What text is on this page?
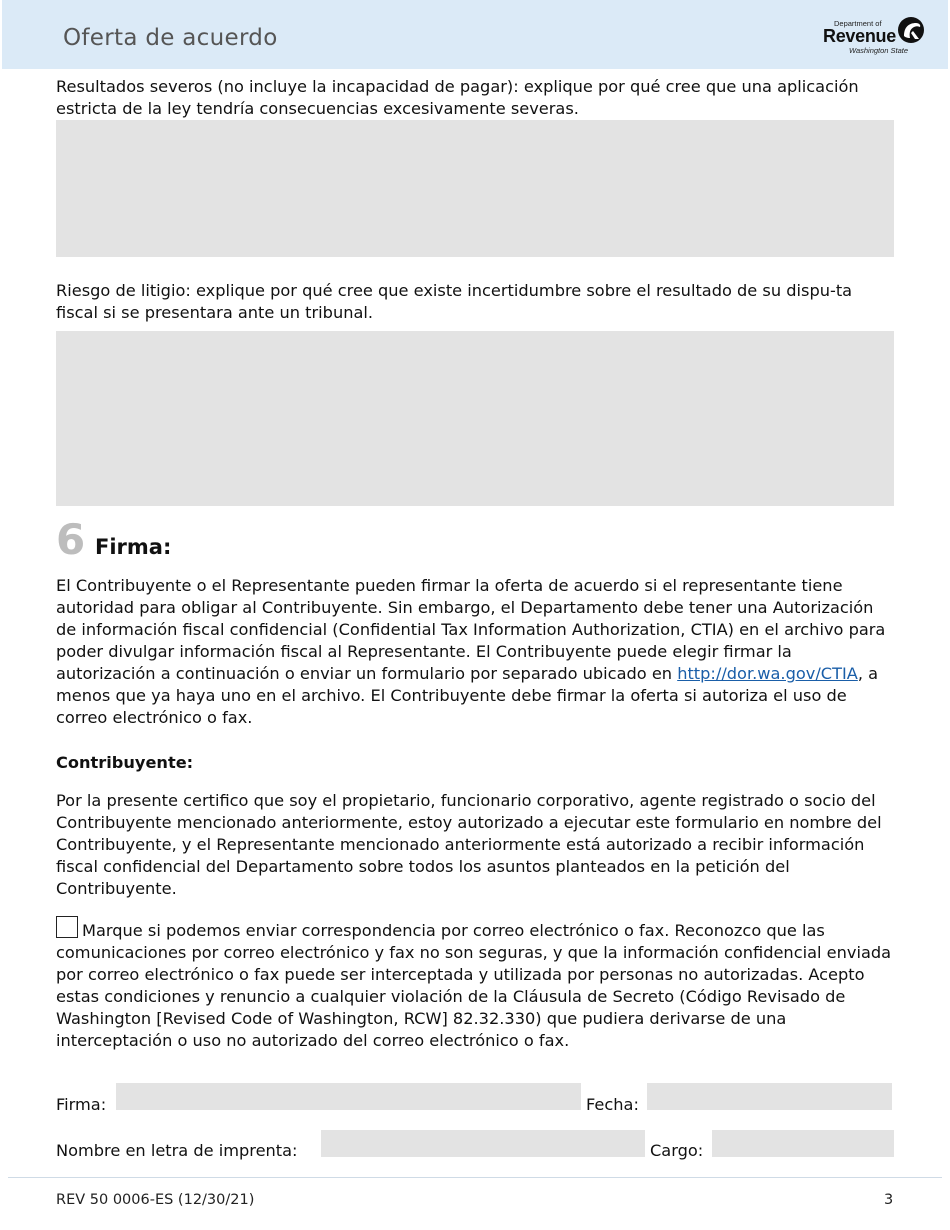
Oferta de acuerdo
Department of
Revenue
Washington State
Resultados severos (no incluye la incapacidad de pagar): explique por qué cree que una aplicación estricta de la ley tendría consecuencias excesivamente severas.
Riesgo de litigio: explique por qué cree que existe incertidumbre sobre el resultado de su dispu-ta fiscal si se presentara ante un tribunal.
6 Firma:
El Contribuyente o el Representante pueden firmar la oferta de acuerdo si el representante tiene autoridad para obligar al Contribuyente. Sin embargo, el Departamento debe tener una Autorización de información fiscal confidencial (Confidential Tax Information Authorization, CTIA) en el archivo para poder divulgar información fiscal al Representante. El Contribuyente puede elegir firmar la autorización a continuación o enviar un formulario por separado ubicado en http://dor.wa.gov/CTIA, a menos que ya haya uno en el archivo. El Contribuyente debe firmar la oferta si autoriza el uso de correo electrónico o fax.
Contribuyente:
Por la presente certifico que soy el propietario, funcionario corporativo, agente registrado o socio del Contribuyente mencionado anteriormente, estoy autorizado a ejecutar este formulario en nombre del Contribuyente, y el Representante mencionado anteriormente está autorizado a recibir información fiscal confidencial del Departamento sobre todos los asuntos planteados en la petición del Contribuyente.
Marque si podemos enviar correspondencia por correo electrónico o fax. Reconozco que las comunicaciones por correo electrónico y fax no son seguras, y que la información confidencial enviada por correo electrónico o fax puede ser interceptada y utilizada por personas no autorizadas. Acepto estas condiciones y renuncio a cualquier violación de la Cláusula de Secreto (Código Revisado de Washington [Revised Code of Washington, RCW] 82.32.330) que pudiera derivarse de una interceptación o uso no autorizado del correo electrónico o fax.
Firma:	Fecha:
Nombre en letra de imprenta:	Cargo:
REV 50 0006-ES (12/30/21)	3
